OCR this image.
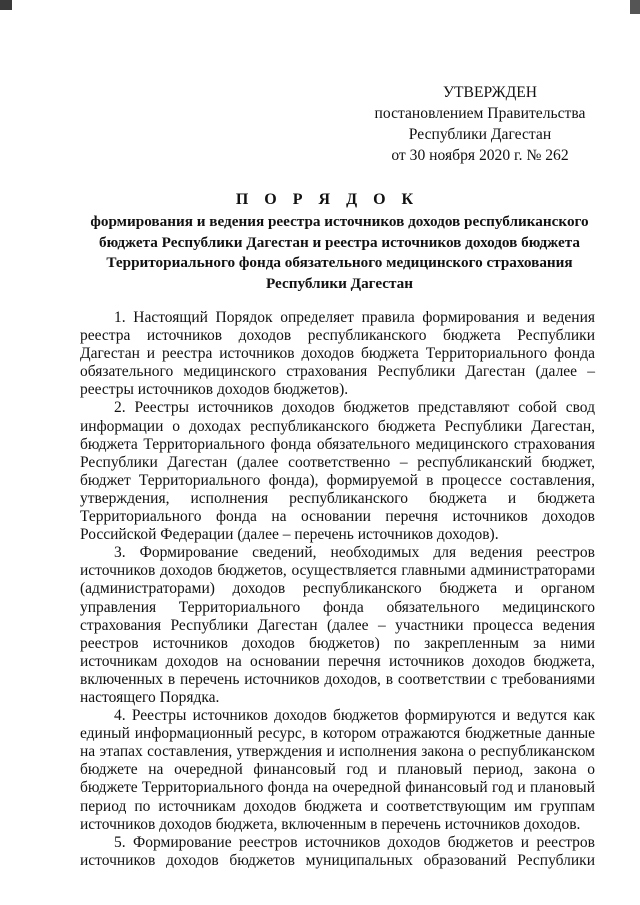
УТВЕРЖДЕН
постановлением Правительства
Республики Дагестан
от 30 ноября 2020 г. № 262
П О Р Я Д О К
формирования и ведения реестра источников доходов республиканского бюджета Республики Дагестан и реестра источников доходов бюджета Территориального фонда обязательного медицинского страхования Республики Дагестан

1. Настоящий Порядок определяет правила формирования и ведения реестра источников доходов республиканского бюджета Республики Дагестан и реестра источников доходов бюджета Территориального фонда обязательного медицинского страхования Республики Дагестан (далее – реестры источников доходов бюджетов).

2. Реестры источников доходов бюджетов представляют собой свод информации о доходах республиканского бюджета Республики Дагестан, бюджета Территориального фонда обязательного медицинского страхования Республики Дагестан (далее соответственно – республиканский бюджет, бюджет Территориального фонда), формируемой в процессе составления, утверждения, исполнения республиканского бюджета и бюджета Территориального фонда на основании перечня источников доходов Российской Федерации (далее – перечень источников доходов).

3. Формирование сведений, необходимых для ведения реестров источников доходов бюджетов, осуществляется главными администраторами (администраторами) доходов республиканского бюджета и органом управления Территориального фонда обязательного медицинского страхования Республики Дагестан (далее – участники процесса ведения реестров источников доходов бюджетов) по закрепленным за ними источникам доходов на основании перечня источников доходов бюджета, включенных в перечень источников доходов, в соответствии с требованиями настоящего Порядка.

4. Реестры источников доходов бюджетов формируются и ведутся как единый информационный ресурс, в котором отражаются бюджетные данные на этапах составления, утверждения и исполнения закона о республиканском бюджете на очередной финансовый год и плановый период, закона о бюджете Территориального фонда на очередной финансовый год и плановый период по источникам доходов бюджета и соответствующим им группам источников доходов бюджета, включенным в перечень источников доходов.

5. Формирование реестров источников доходов бюджетов и реестров источников доходов бюджетов муниципальных образований Республики
